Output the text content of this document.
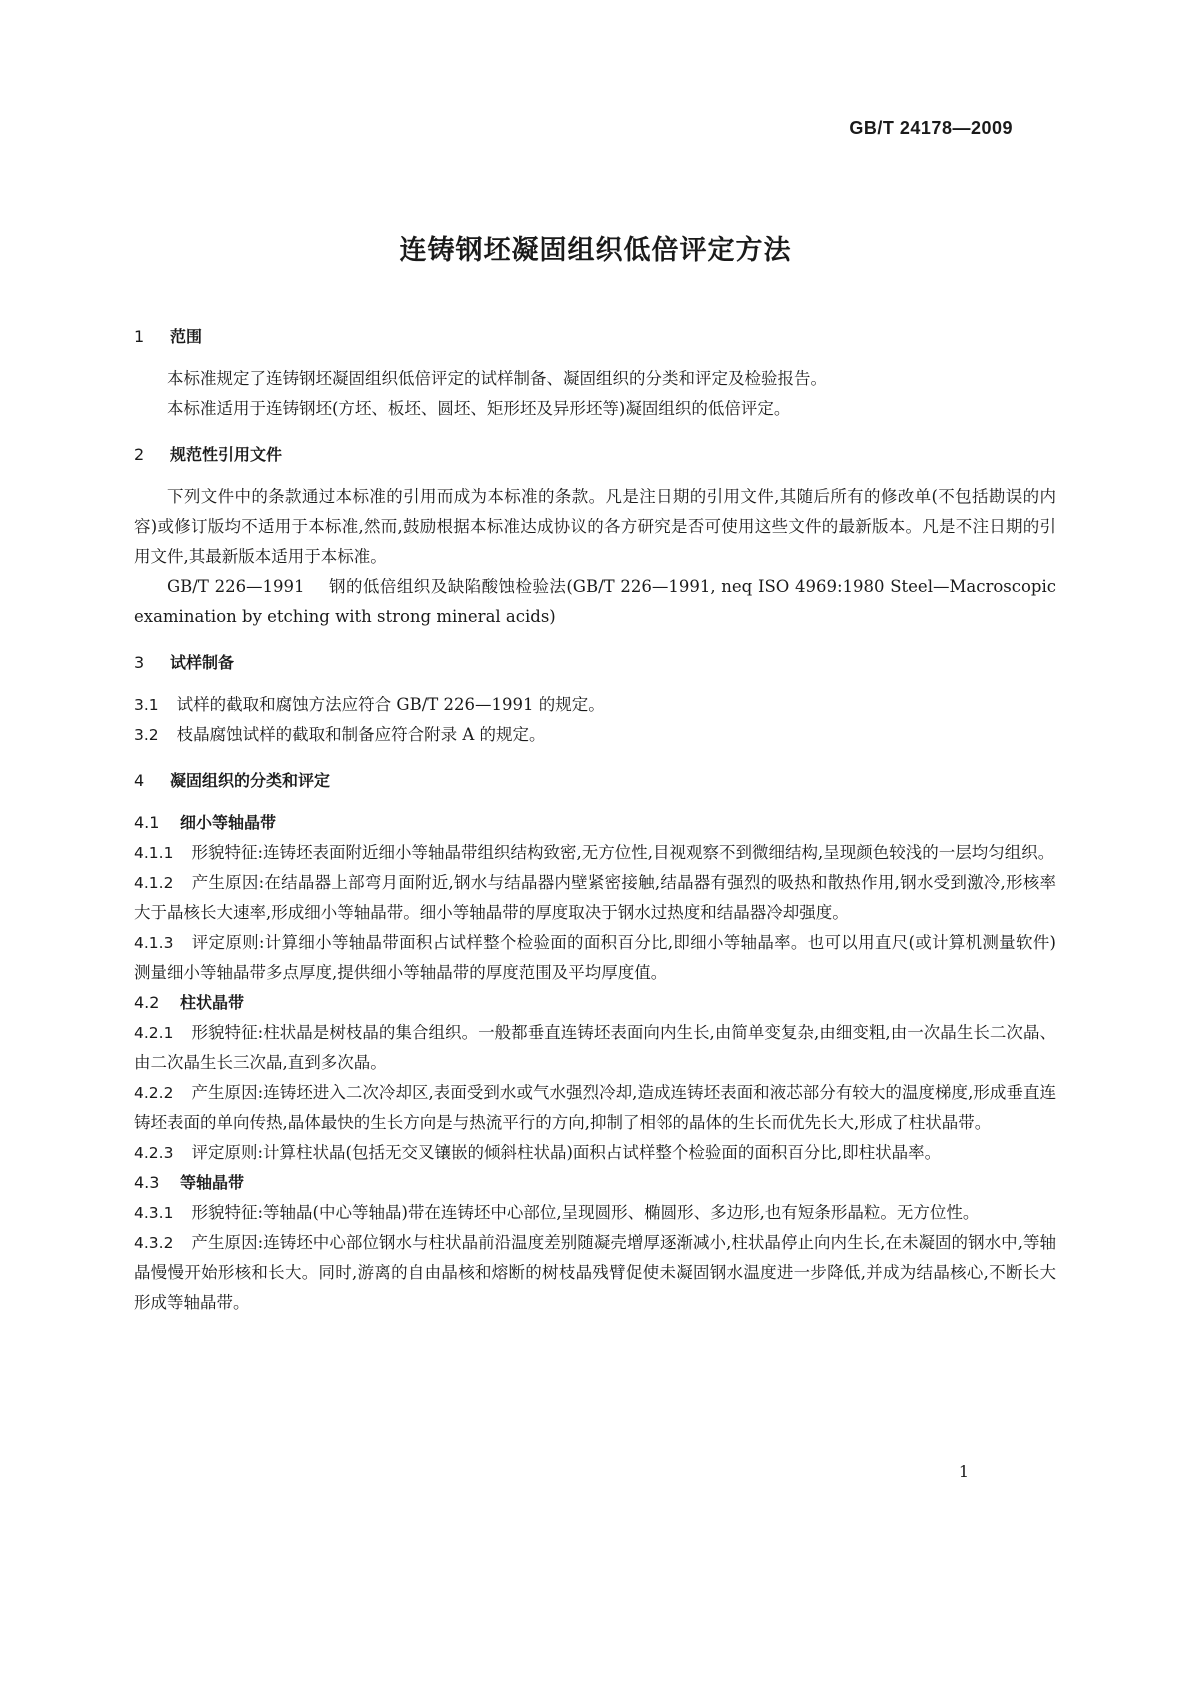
GB/T 24178—2009
连铸钢坯凝固组织低倍评定方法
1 范围

本标准规定了连铸钢坯凝固组织低倍评定的试样制备、凝固组织的分类和评定及检验报告。

本标准适用于连铸钢坯(方坯、板坯、圆坯、矩形坯及异形坯等)凝固组织的低倍评定。

2 规范性引用文件

下列文件中的条款通过本标准的引用而成为本标准的条款。凡是注日期的引用文件,其随后所有的修改单(不包括勘误的内容)或修订版均不适用于本标准,然而,鼓励根据本标准达成协议的各方研究是否可使用这些文件的最新版本。凡是不注日期的引用文件,其最新版本适用于本标准。

GB/T 226—1991 钢的低倍组织及缺陷酸蚀检验法(GB/T 226—1991, neq ISO 4969:1980 Steel—Macroscopic examination by etching with strong mineral acids)

3 试样制备

3.1 试样的截取和腐蚀方法应符合 GB/T 226—1991 的规定。

3.2 枝晶腐蚀试样的截取和制备应符合附录 A 的规定。

4 凝固组织的分类和评定
4.1 细小等轴晶带

4.1.1 形貌特征:连铸坯表面附近细小等轴晶带组织结构致密,无方位性,目视观察不到微细结构,呈现颜色较浅的一层均匀组织。

4.1.2 产生原因:在结晶器上部弯月面附近,钢水与结晶器内壁紧密接触,结晶器有强烈的吸热和散热作用,钢水受到激冷,形核率大于晶核长大速率,形成细小等轴晶带。细小等轴晶带的厚度取决于钢水过热度和结晶器冷却强度。

4.1.3 评定原则:计算细小等轴晶带面积占试样整个检验面的面积百分比,即细小等轴晶率。也可以用直尺(或计算机测量软件)测量细小等轴晶带多点厚度,提供细小等轴晶带的厚度范围及平均厚度值。

4.2 柱状晶带

4.2.1 形貌特征:柱状晶是树枝晶的集合组织。一般都垂直连铸坯表面向内生长,由简单变复杂,由细变粗,由一次晶生长二次晶、由二次晶生长三次晶,直到多次晶。

4.2.2 产生原因:连铸坯进入二次冷却区,表面受到水或气水强烈冷却,造成连铸坯表面和液芯部分有较大的温度梯度,形成垂直连铸坯表面的单向传热,晶体最快的生长方向是与热流平行的方向,抑制了相邻的晶体的生长而优先长大,形成了柱状晶带。

4.2.3 评定原则:计算柱状晶(包括无交叉镶嵌的倾斜柱状晶)面积占试样整个检验面的面积百分比,即柱状晶率。

4.3 等轴晶带

4.3.1 形貌特征:等轴晶(中心等轴晶)带在连铸坯中心部位,呈现圆形、椭圆形、多边形,也有短条形晶粒。无方位性。

4.3.2 产生原因:连铸坯中心部位钢水与柱状晶前沿温度差别随凝壳增厚逐渐减小,柱状晶停止向内生长,在未凝固的钢水中,等轴晶慢慢开始形核和长大。同时,游离的自由晶核和熔断的树枝晶残臂促使未凝固钢水温度进一步降低,并成为结晶核心,不断长大形成等轴晶带。

1
